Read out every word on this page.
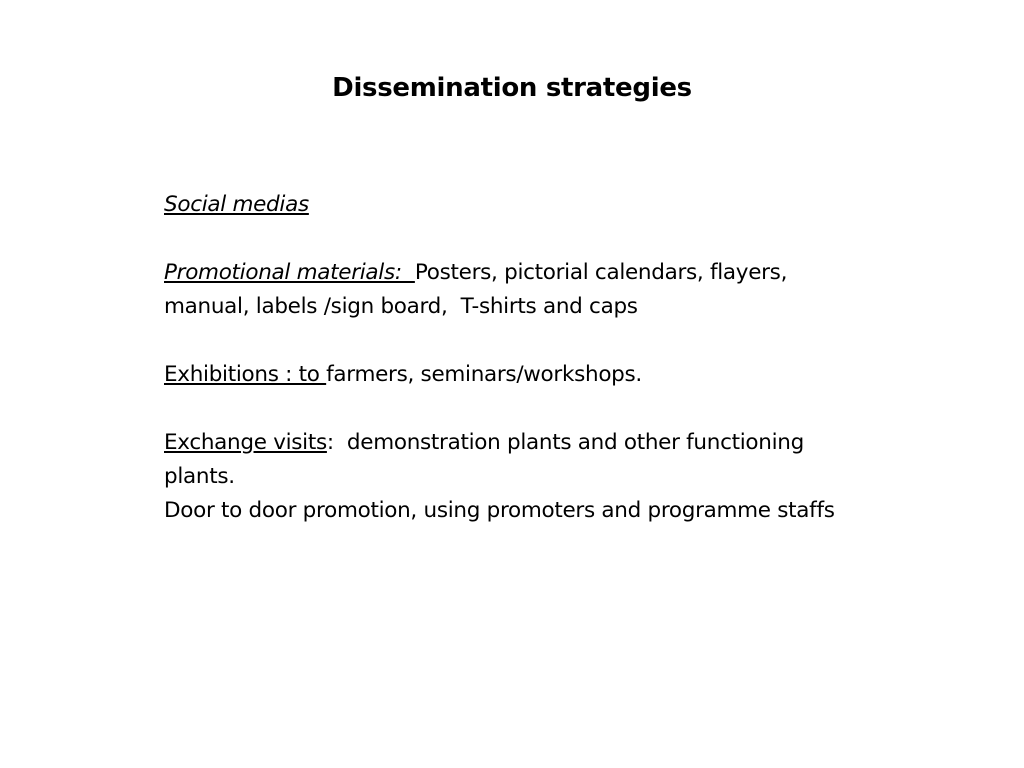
Dissemination strategies

Social medias

Promotional materials:  Posters, pictorial calendars, flayers,
manual, labels /sign board,  T-shirts and caps

Exhibitions : to farmers, seminars/workshops.

Exchange visits:  demonstration plants and other functioning
plants.

Door to door promotion, using promoters and programme staffs
